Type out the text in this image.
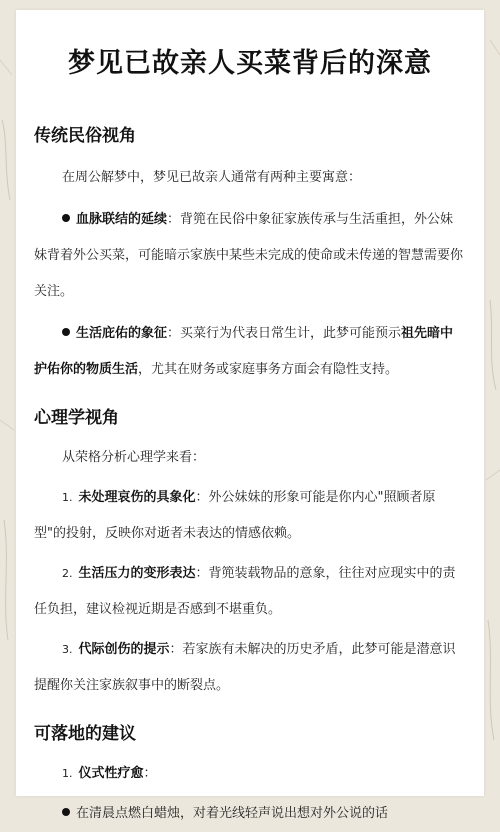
梦见已故亲人买菜背后的深意
传统民俗视角

在周公解梦中，梦见已故亲人通常有两种主要寓意：

血脉联结的延续：背篼在民俗中象征家族传承与生活重担，外公妹妹背着外公买菜，可能暗示家族中某些未完成的使命或未传递的智慧需要你关注。

生活庇佑的象征：买菜行为代表日常生计，此梦可能预示祖先暗中护佑你的物质生活，尤其在财务或家庭事务方面会有隐性支持。

心理学视角

从荣格分析心理学来看：

1. 未处理哀伤的具象化：外公妹妹的形象可能是你内心"照顾者原型"的投射，反映你对逝者未表达的情感依赖。

2. 生活压力的变形表达：背篼装载物品的意象，往往对应现实中的责任负担，建议检视近期是否感到不堪重负。

3. 代际创伤的提示：若家族有未解决的历史矛盾，此梦可能是潜意识提醒你关注家族叙事中的断裂点。

可落地的建议

1. 仪式性疗愈：

在清晨点燃白蜡烛，对着光线轻声说出想对外公说的话
